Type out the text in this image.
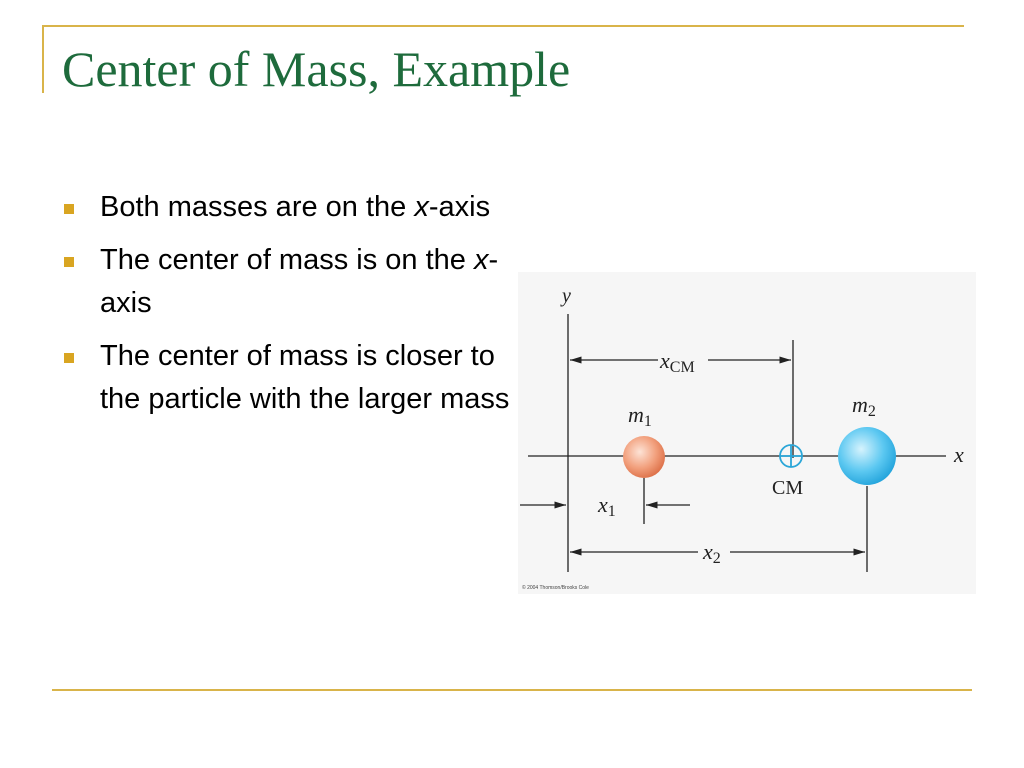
Center of Mass, Example
Both masses are on the x-axis
The center of mass is on the x-axis
The center of mass is closer to the particle with the larger mass
y
x
xCM
m1
CM
m2
x1
x2
© 2004 Thomson/Brooks Cole
